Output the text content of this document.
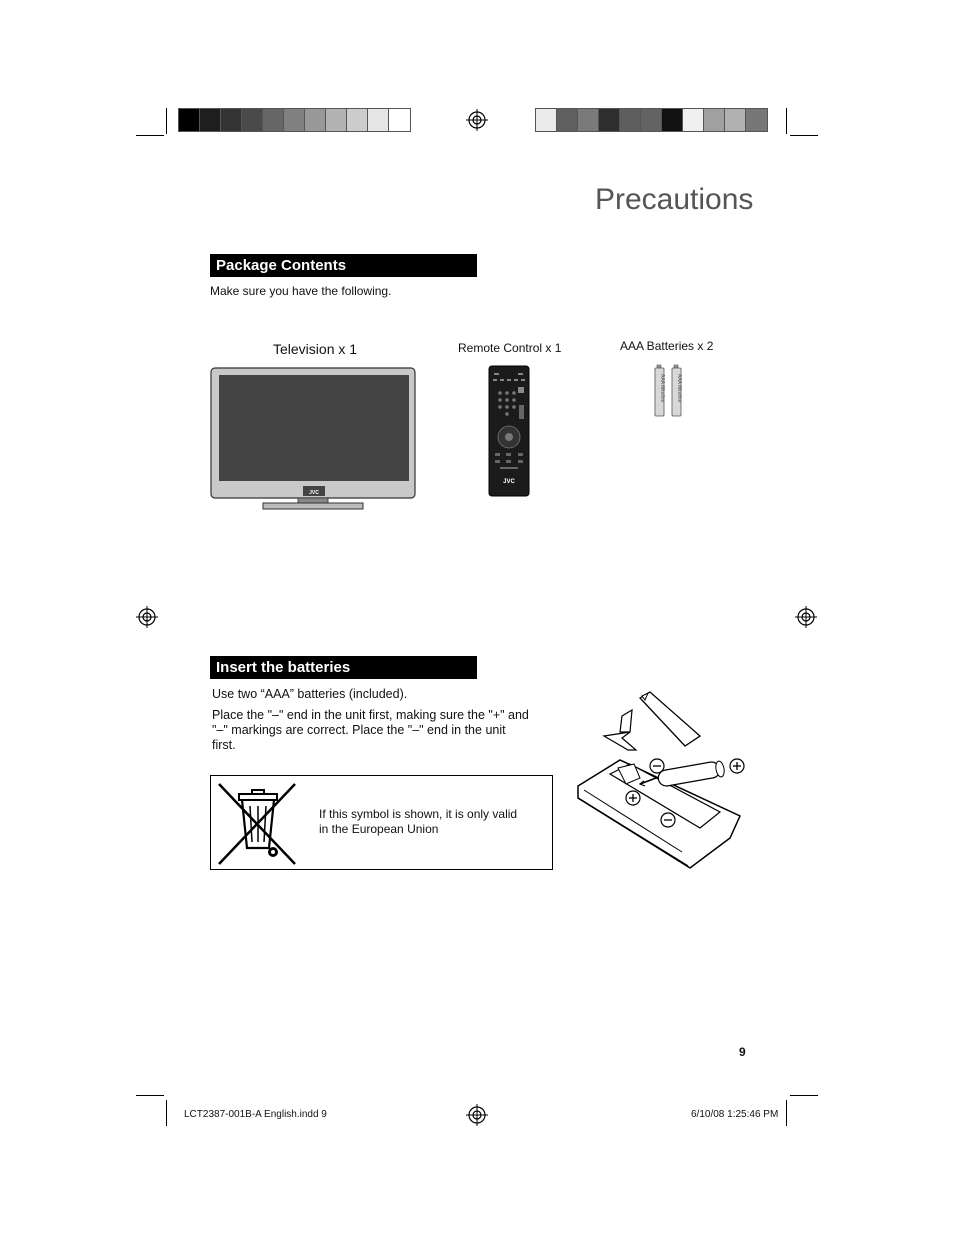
Precautions
Package Contents
Make sure you have the following.
Television x 1	Remote Control x 1	AAA Batteries x 2
JVC
JVC
AAA Alkaline AAA Alkaline
Insert the batteries
Use two “AAA” batteries (included).
Place the "–" end in the unit first, making sure the "+" and
"–" markings are correct. Place the "–" end in the unit
first.
If this symbol is shown, it is only valid
in the European Union
9
LCT2387-001B-A English.indd 9	6/10/08 1:25:46 PM
